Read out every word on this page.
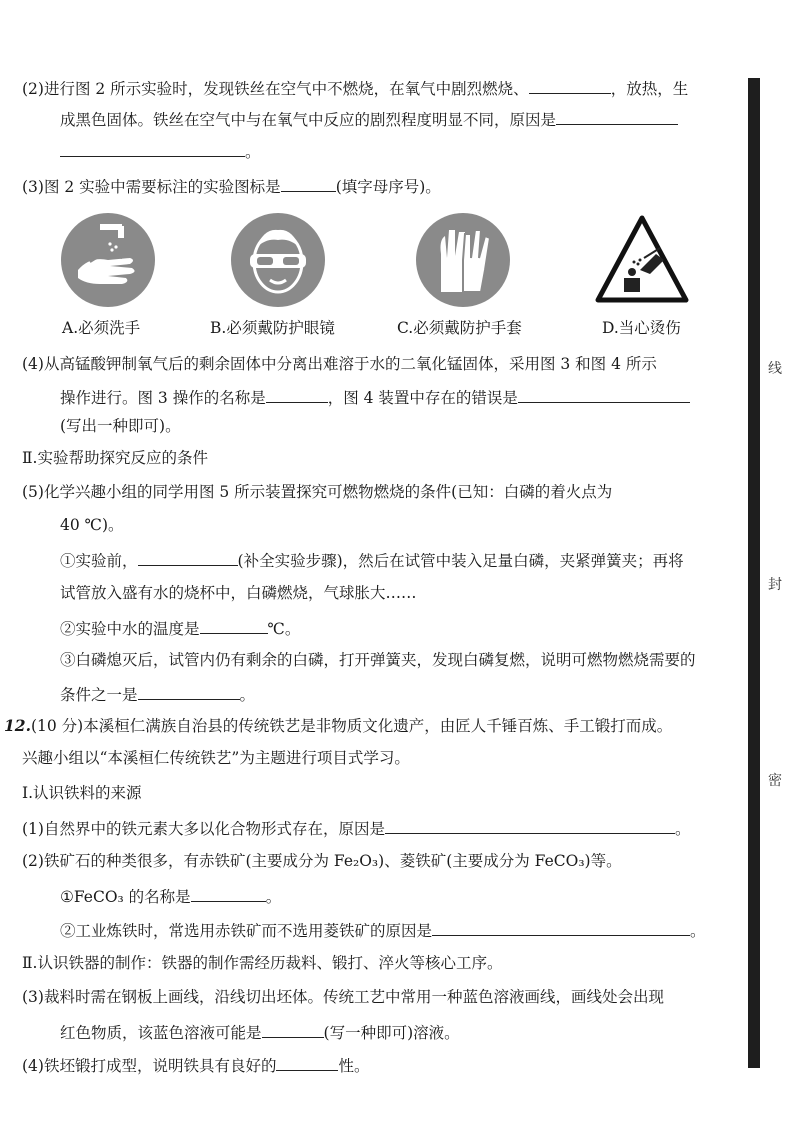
(2)进行图 2 所示实验时，发现铁丝在空气中不燃烧，在氧气中剧烈燃烧、	，放热，生
成黑色固体。铁丝在空气中与在氧气中反应的剧烈程度明显不同，原因是
。
(3)图 2 实验中需要标注的实验图标是	(填字母序号)。
A.必须洗手	B.必须戴防护眼镜	C.必须戴防护手套	D.当心烫伤
(4)从高锰酸钾制氧气后的剩余固体中分离出难溶于水的二氧化锰固体，采用图 3 和图 4 所示
操作进行。图 3 操作的名称是	，图 4 装置中存在的错误是
(写出一种即可)。
Ⅱ.实验帮助探究反应的条件
(5)化学兴趣小组的同学用图 5 所示装置探究可燃物燃烧的条件(已知：白磷的着火点为
40 ℃)。
①实验前，	(补全实验步骤)，然后在试管中装入足量白磷，夹紧弹簧夹；再将
试管放入盛有水的烧杯中，白磷燃烧，气球胀大……
②实验中水的温度是	℃。
③白磷熄灭后，试管内仍有剩余的白磷，打开弹簧夹，发现白磷复燃，说明可燃物燃烧需要的
条件之一是	。
12.(10 分)本溪桓仁满族自治县的传统铁艺是非物质文化遗产，由匠人千锤百炼、手工锻打而成。
兴趣小组以“本溪桓仁传统铁艺”为主题进行项目式学习。
Ⅰ.认识铁料的来源
(1)自然界中的铁元素大多以化合物形式存在，原因是	。
(2)铁矿石的种类很多，有赤铁矿(主要成分为 Fe₂O₃)、菱铁矿(主要成分为 FeCO₃)等。
①FeCO₃ 的名称是	。
②工业炼铁时，常选用赤铁矿而不选用菱铁矿的原因是	。
Ⅱ.认识铁器的制作：铁器的制作需经历裁料、锻打、淬火等核心工序。
(3)裁料时需在钢板上画线，沿线切出坯体。传统工艺中常用一种蓝色溶液画线，画线处会出现
红色物质，该蓝色溶液可能是	(写一种即可)溶液。
(4)铁坯锻打成型，说明铁具有良好的	性。
线
封
密
